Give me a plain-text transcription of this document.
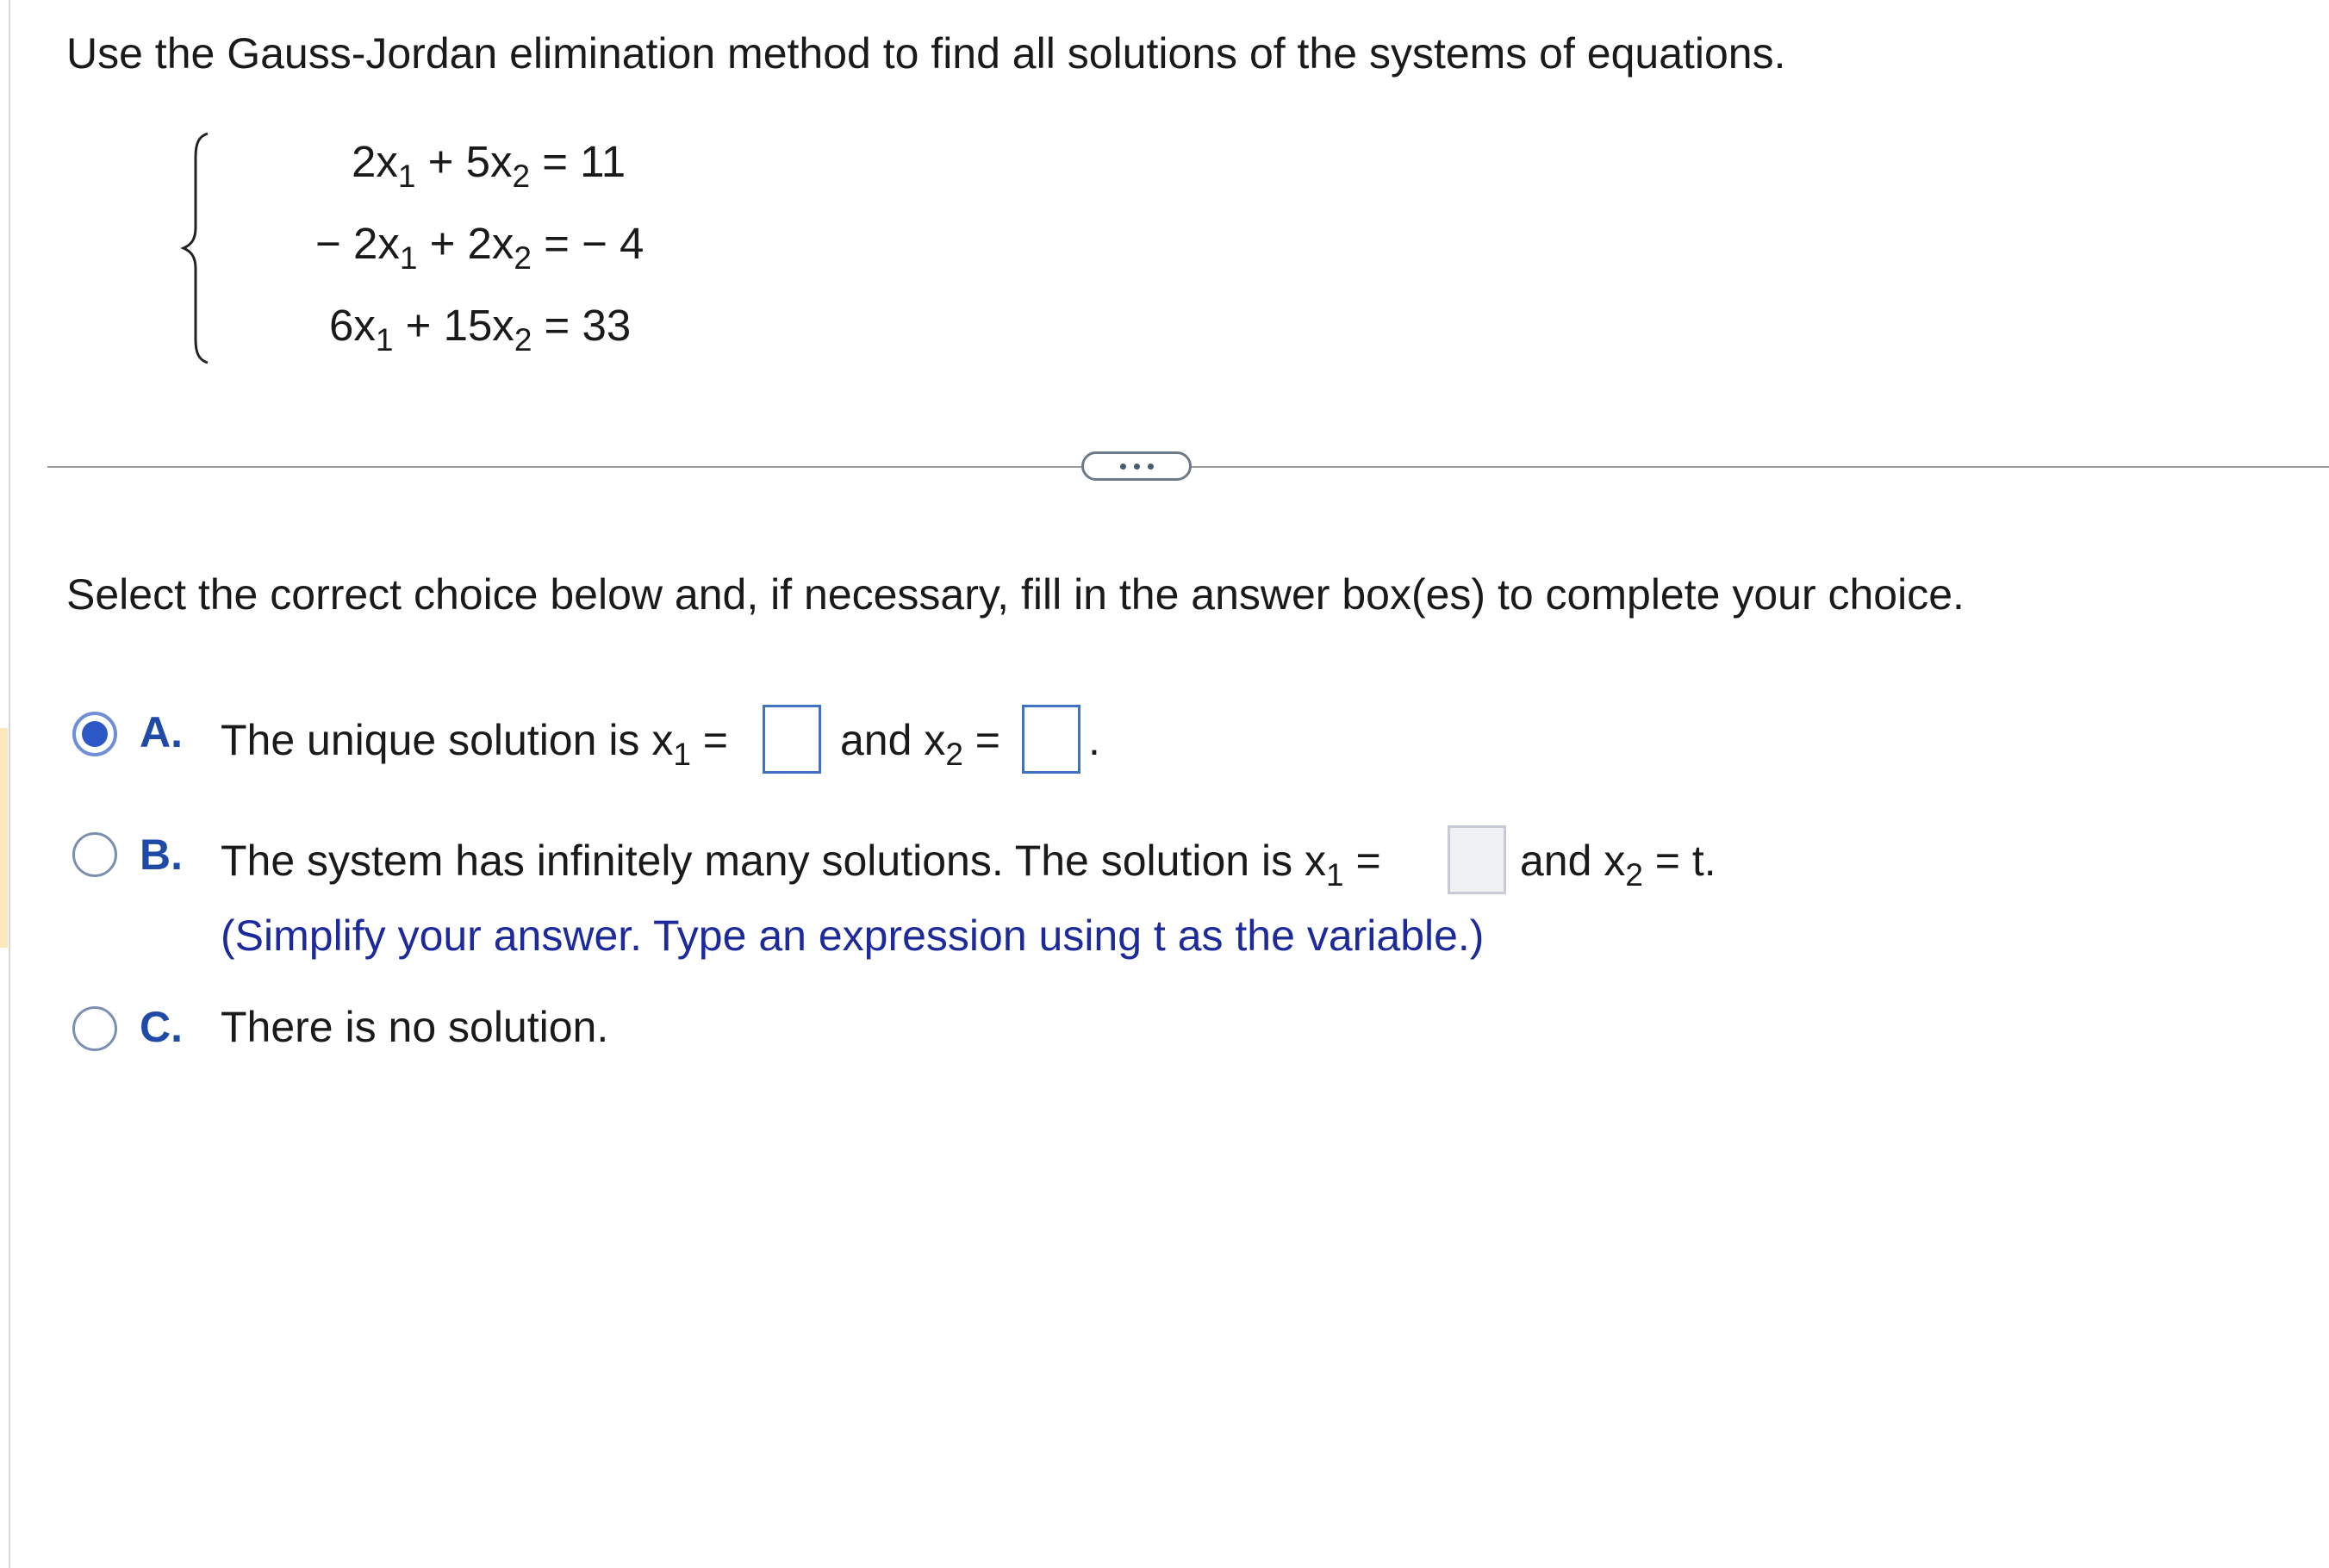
Use the Gauss-Jordan elimination method to find all solutions of the systems of equations.
$2x_1 + 5x_2 = 11$
− $2x_1 + 2x_2$ = − 4
$6x_1 + 15x_2 = 33$
Select the correct choice below and, if necessary, fill in the answer box(es) to complete your choice.
A. The unique solution is $x_1$ =	and $x_2$ = .
B. The system has infinitely many solutions. The solution is $x_1$ =	and $x_2 = t$.
(Simplify your answer. Type an expression using t as the variable.)
C. There is no solution.
